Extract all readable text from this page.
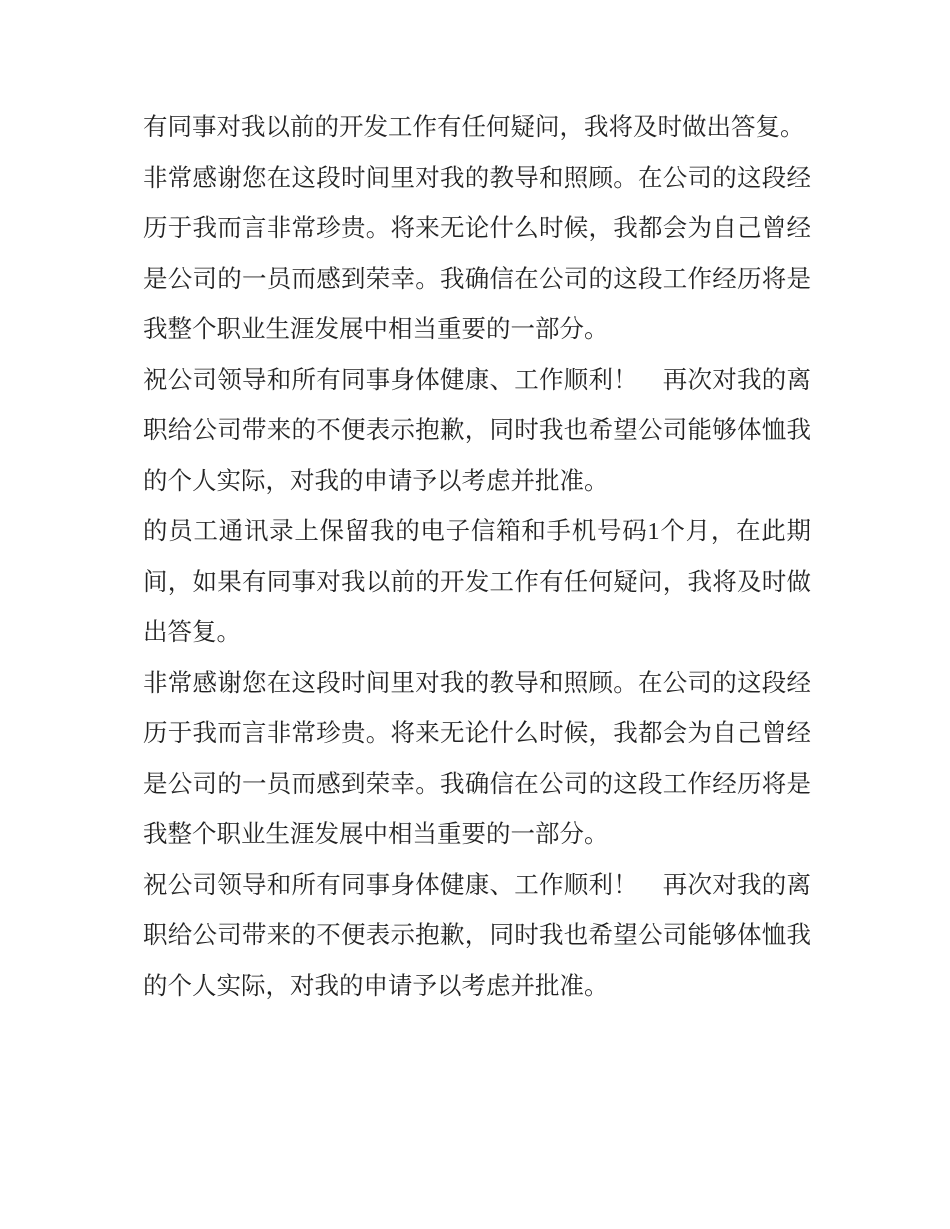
有同事对我以前的开发工作有任何疑问，我将及时做出答复。
非常感谢您在这段时间里对我的教导和照顾。在公司的这段经
历于我而言非常珍贵。将来无论什么时候，我都会为自己曾经
是公司的一员而感到荣幸。我确信在公司的这段工作经历将是
我整个职业生涯发展中相当重要的一部分。
祝公司领导和所有同事身体健康、工作顺利！　再次对我的离
职给公司带来的不便表示抱歉，同时我也希望公司能够体恤我
的个人实际，对我的申请予以考虑并批准。
的员工通讯录上保留我的电子信箱和手机号码1个月，在此期
间，如果有同事对我以前的开发工作有任何疑问，我将及时做
出答复。
非常感谢您在这段时间里对我的教导和照顾。在公司的这段经
历于我而言非常珍贵。将来无论什么时候，我都会为自己曾经
是公司的一员而感到荣幸。我确信在公司的这段工作经历将是
我整个职业生涯发展中相当重要的一部分。
祝公司领导和所有同事身体健康、工作顺利！　再次对我的离
职给公司带来的不便表示抱歉，同时我也希望公司能够体恤我
的个人实际，对我的申请予以考虑并批准。
